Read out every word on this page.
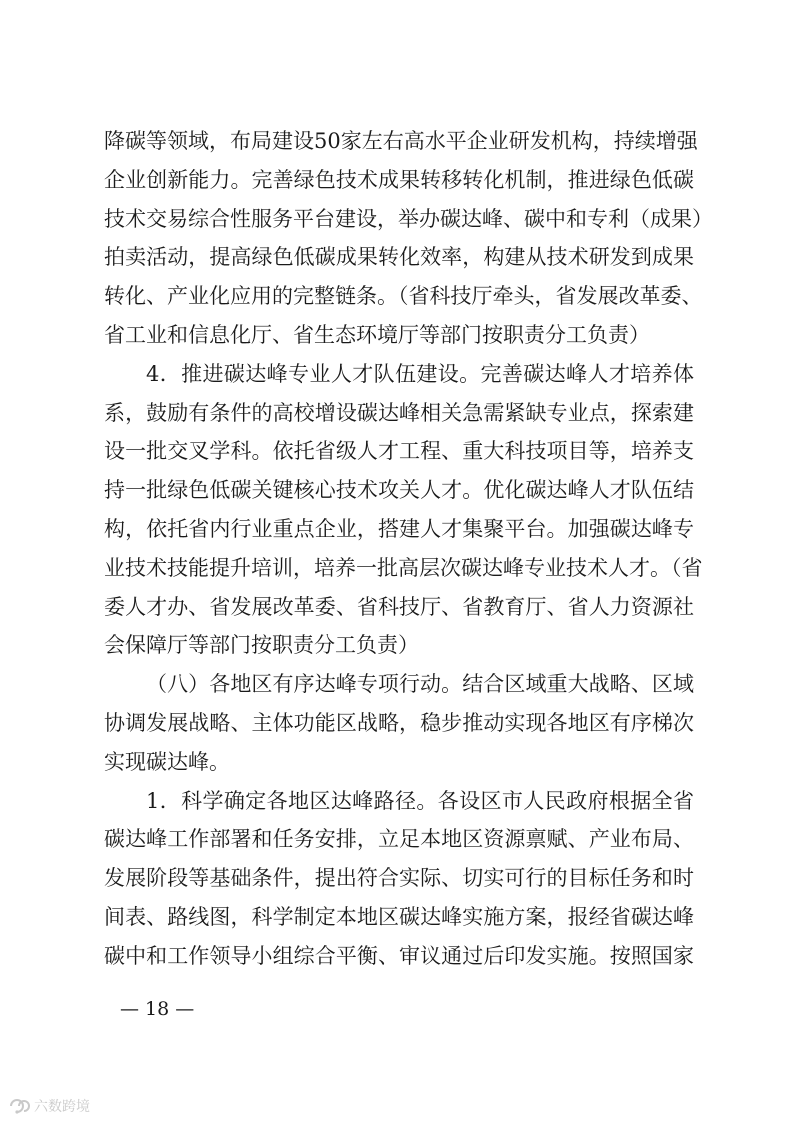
降碳等领域，布局建设50家左右高水平企业研发机构，持续增强
企业创新能力。完善绿色技术成果转移转化机制，推进绿色低碳
技术交易综合性服务平台建设，举办碳达峰、碳中和专利（成果）
拍卖活动，提高绿色低碳成果转化效率，构建从技术研发到成果
转化、产业化应用的完整链条。（省科技厅牵头，省发展改革委、
省工业和信息化厅、省生态环境厅等部门按职责分工负责）
4．推进碳达峰专业人才队伍建设。完善碳达峰人才培养体
系，鼓励有条件的高校增设碳达峰相关急需紧缺专业点，探索建
设一批交叉学科。依托省级人才工程、重大科技项目等，培养支
持一批绿色低碳关键核心技术攻关人才。优化碳达峰人才队伍结
构，依托省内行业重点企业，搭建人才集聚平台。加强碳达峰专
业技术技能提升培训，培养一批高层次碳达峰专业技术人才。（省
委人才办、省发展改革委、省科技厅、省教育厅、省人力资源社
会保障厅等部门按职责分工负责）
（八）各地区有序达峰专项行动。结合区域重大战略、区域
协调发展战略、主体功能区战略，稳步推动实现各地区有序梯次
实现碳达峰。
1．科学确定各地区达峰路径。各设区市人民政府根据全省
碳达峰工作部署和任务安排，立足本地区资源禀赋、产业布局、
发展阶段等基础条件，提出符合实际、切实可行的目标任务和时
间表、路线图，科学制定本地区碳达峰实施方案，报经省碳达峰
碳中和工作领导小组综合平衡、审议通过后印发实施。按照国家
— 18 —
六数跨境
